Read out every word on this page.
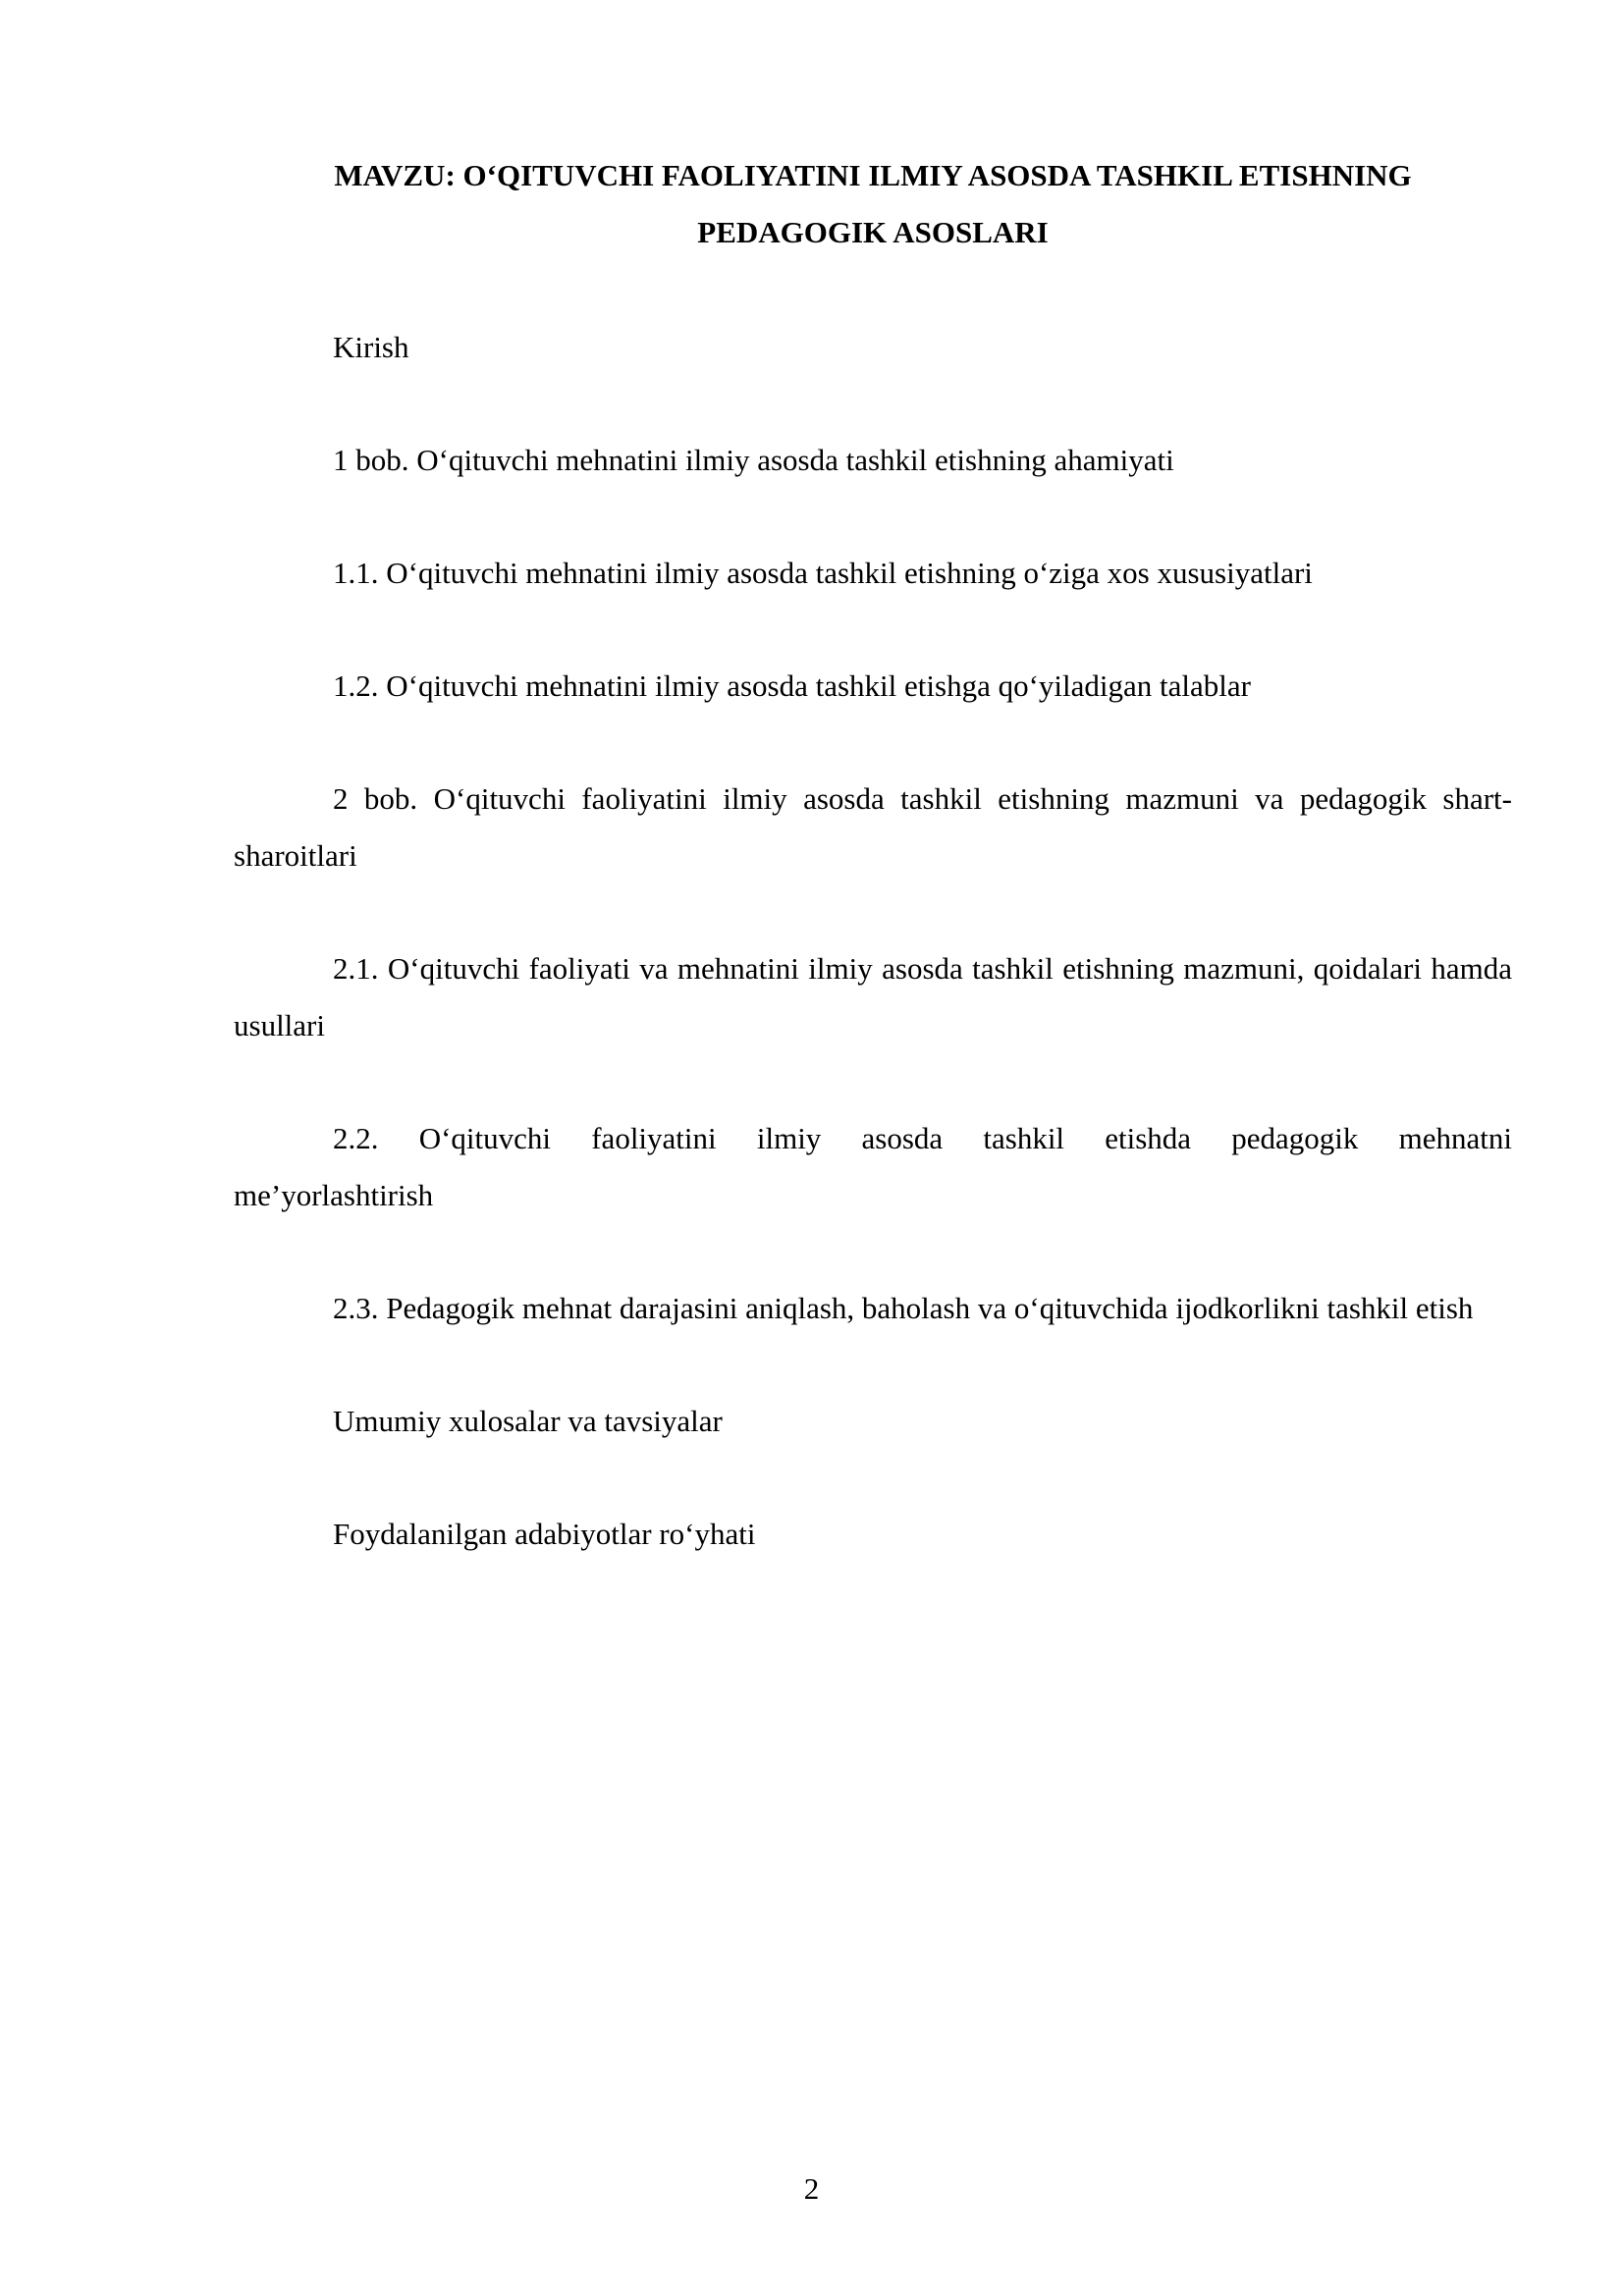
MAVZU: O‘QITUVCHI FAOLIYATINI ILMIY ASOSDA TASHKIL ETISHNING
PEDAGOGIK ASOSLARI

Kirish

1 bob. O‘qituvchi mehnatini ilmiy asosda tashkil etishning ahamiyati

1.1. O‘qituvchi mehnatini ilmiy asosda tashkil etishning o‘ziga xos xususiyatlari

1.2. O‘qituvchi mehnatini ilmiy asosda tashkil etishga qo‘yiladigan talablar

2 bob. O‘qituvchi faoliyatini ilmiy asosda tashkil etishning mazmuni va pedagogik shart-sharoitlari

2.1. O‘qituvchi faoliyati va mehnatini ilmiy asosda tashkil etishning mazmuni, qoidalari hamda usullari

2.2. O‘qituvchi faoliyatini ilmiy asosda tashkil etishda pedagogik mehnatni
me’yorlashtirish

2.3. Pedagogik mehnat darajasini aniqlash, baholash va o‘qituvchida ijodkorlikni tashkil etish

Umumiy xulosalar va tavsiyalar

Foydalanilgan adabiyotlar ro‘yhati

2
